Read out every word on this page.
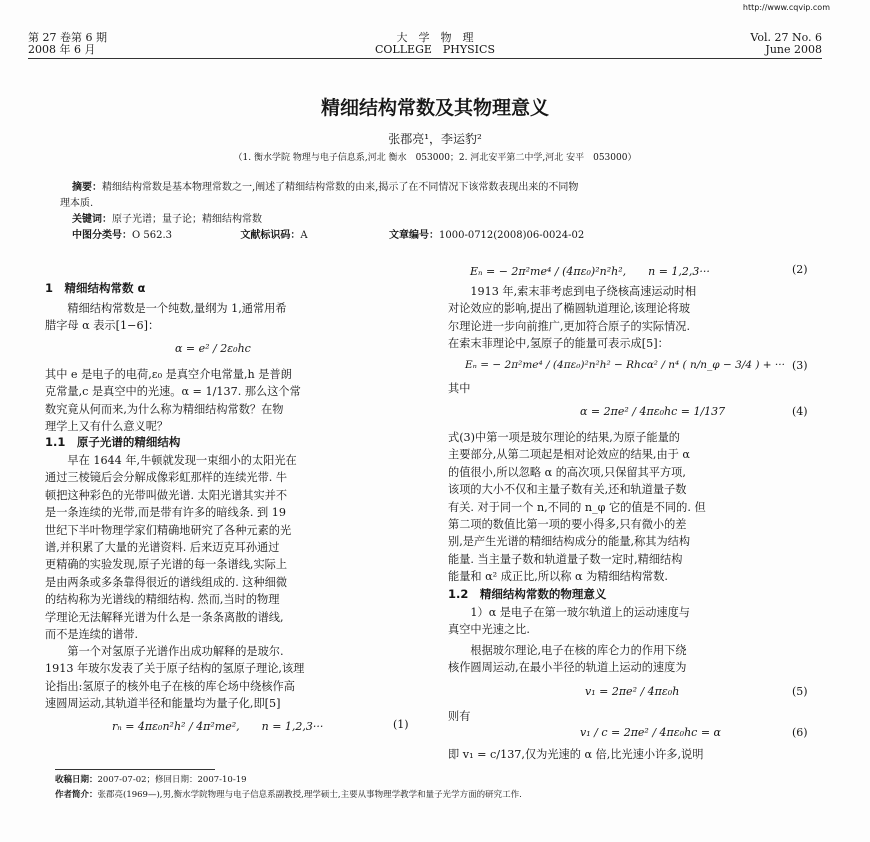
http://www.cqvip.com
第 27 卷第 6 期
2008 年 6 月
大　学　物　理
COLLEGE　PHYSICS
Vol. 27 No. 6
June 2008
精细结构常数及其物理意义
张郡亮¹，李运豹²
（1. 衡水学院 物理与电子信息系,河北 衡水　053000；2. 河北安平第二中学,河北 安平　053000）
摘要：精细结构常数是基本物理常数之一,阐述了精细结构常数的由来,揭示了在不同情况下该常数表现出来的不同物
理本质.
关键词：原子光谱；量子论；精细结构常数
中图分类号：O 562.3	文献标识码：A	文章编号：1000-0712(2008)06-0024-02
1　精细结构常数 α
精细结构常数是一个纯数,量纲为 1,通常用希
腊字母 α 表示[1−6]：
α = e² / 2ε₀hc
其中 e 是电子的电荷,ε₀ 是真空介电常量,h 是普朗
克常量,c 是真空中的光速。α = 1/137. 那么这个常
数究竟从何而来,为什么称为精细结构常数？在物
理学上又有什么意义呢？
1.1　原子光谱的精细结构
早在 1644 年,牛顿就发现一束细小的太阳光在
通过三棱镜后会分解成像彩虹那样的连续光带. 牛
顿把这种彩色的光带叫做光谱. 太阳光谱其实并不
是一条连续的光带,而是带有许多的暗线条. 到 19
世纪下半叶物理学家们精确地研究了各种元素的光
谱,并积累了大量的光谱资料. 后来迈克耳孙通过
更精确的实验发现,原子光谱的每一条谱线,实际上
是由两条或多条靠得很近的谱线组成的. 这种细微
的结构称为光谱线的精细结构. 然而,当时的物理
学理论无法解释光谱为什么是一条条离散的谱线,
而不是连续的谱带.
第一个对氢原子光谱作出成功解释的是玻尔.
1913 年玻尔发表了关于原子结构的氢原子理论,该理
论指出:氢原子的核外电子在核的库仑场中绕核作高
速圆周运动,其轨道半径和能量均为量子化,即[5]
rₙ = 4πε₀n²h² / 4π²me²,　　n = 1,2,3···	(1)
Eₙ = − 2π²me⁴ / (4πε₀)²n²h²,　　n = 1,2,3···	(2)
1913 年,索末菲考虑到电子绕核高速运动时相
对论效应的影响,提出了椭圆轨道理论,该理论将玻
尔理论进一步向前推广,更加符合原子的实际情况.
在索末菲理论中,氢原子的能量可表示成[5]：
Eₙ = − 2π²me⁴ / (4πε₀)²n²h² − Rhcα² / n⁴ ( n/n_φ − 3/4 ) + ··· (3)
其中
α = 2πe² / 4πε₀hc = 1/137	(4)
式(3)中第一项是玻尔理论的结果,为原子能量的
主要部分,从第二项起是相对论效应的结果,由于 α
的值很小,所以忽略 α 的高次项,只保留其平方项,
该项的大小不仅和主量子数有关,还和轨道量子数
有关. 对于同一个 n,不同的 n_φ 它的值是不同的. 但
第二项的数值比第一项的要小得多,只有微小的差
别,是产生光谱的精细结构成分的能量,称其为结构
能量. 当主量子数和轨道量子数一定时,精细结构
能量和 α² 成正比,所以称 α 为精细结构常数.
1.2　精细结构常数的物理意义
1）α 是电子在第一玻尔轨道上的运动速度与
真空中光速之比.
根据玻尔理论,电子在核的库仑力的作用下绕
核作圆周运动,在最小半径的轨道上运动的速度为
v₁ = 2πe² / 4πε₀h	(5)
则有
v₁ / c = 2πe² / 4πε₀hc = α	(6)
即 v₁ = c/137,仅为光速的 α 倍,比光速小许多,说明
收稿日期：2007-07-02；修回日期：2007-10-19
作者简介：张郡亮(1969—),男,衡水学院物理与电子信息系副教授,理学硕士,主要从事物理学教学和量子光学方面的研究工作.
